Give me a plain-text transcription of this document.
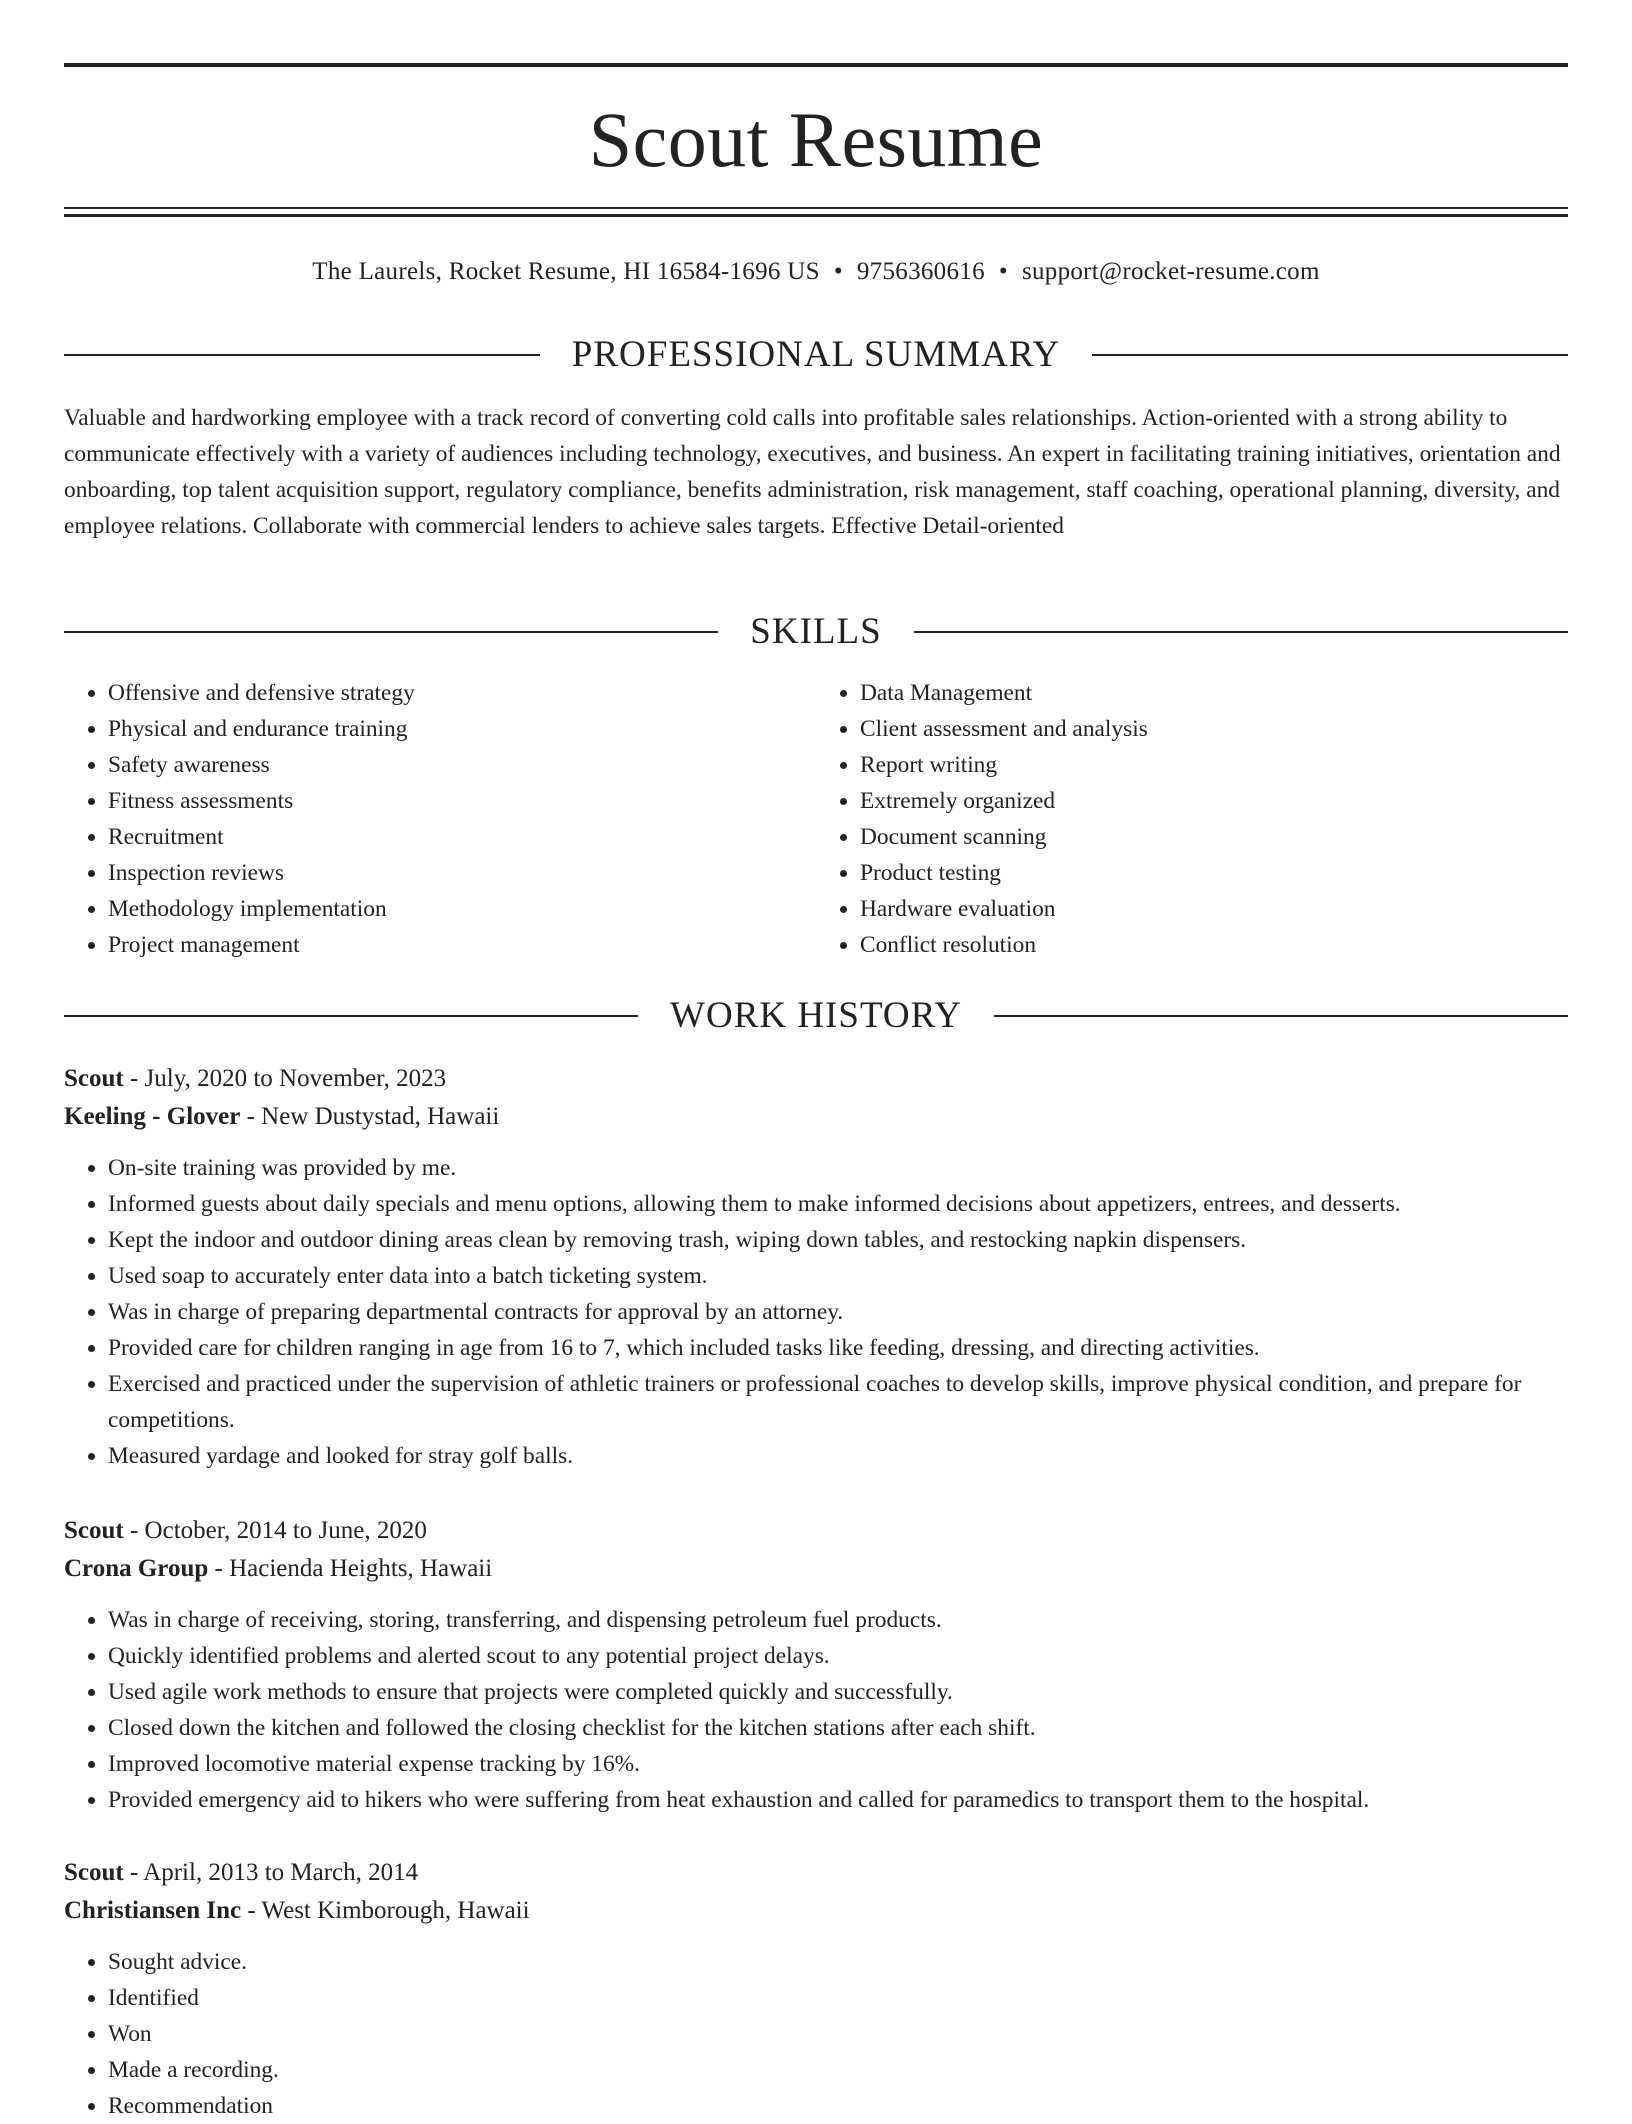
Scout Resume
The Laurels, Rocket Resume, HI 16584-1696 US • 9756360616 • support@rocket-resume.com
PROFESSIONAL SUMMARY

Valuable and hardworking employee with a track record of converting cold calls into profitable sales relationships. Action-oriented with a strong ability to communicate effectively with a variety of audiences including technology, executives, and business. An expert in facilitating training initiatives, orientation and onboarding, top talent acquisition support, regulatory compliance, benefits administration, risk management, staff coaching, operational planning, diversity, and employee relations. Collaborate with commercial lenders to achieve sales targets. Effective Detail-oriented

SKILLS
• Offensive and defensive strategy
• Physical and endurance training
• Safety awareness
• Fitness assessments
• Recruitment
• Inspection reviews
• Methodology implementation
• Project management
• Data Management
• Client assessment and analysis
• Report writing
• Extremely organized
• Document scanning
• Product testing
• Hardware evaluation
• Conflict resolution
WORK HISTORY
Scout - July, 2020 to November, 2023
Keeling - Glover - New Dustystad, Hawaii
• On-site training was provided by me.
• Informed guests about daily specials and menu options, allowing them to make informed decisions about appetizers, entrees, and desserts.
• Kept the indoor and outdoor dining areas clean by removing trash, wiping down tables, and restocking napkin dispensers.
• Used soap to accurately enter data into a batch ticketing system.
• Was in charge of preparing departmental contracts for approval by an attorney.
• Provided care for children ranging in age from 16 to 7, which included tasks like feeding, dressing, and directing activities.
• Exercised and practiced under the supervision of athletic trainers or professional coaches to develop skills, improve physical condition, and prepare for competitions.
• Measured yardage and looked for stray golf balls.
Scout - October, 2014 to June, 2020
Crona Group - Hacienda Heights, Hawaii
• Was in charge of receiving, storing, transferring, and dispensing petroleum fuel products.
• Quickly identified problems and alerted scout to any potential project delays.
• Used agile work methods to ensure that projects were completed quickly and successfully.
• Closed down the kitchen and followed the closing checklist for the kitchen stations after each shift.
• Improved locomotive material expense tracking by 16%.
• Provided emergency aid to hikers who were suffering from heat exhaustion and called for paramedics to transport them to the hospital.
Scout - April, 2013 to March, 2014
Christiansen Inc - West Kimborough, Hawaii
• Sought advice.
• Identified
• Won
• Made a recording.
• Recommendation
